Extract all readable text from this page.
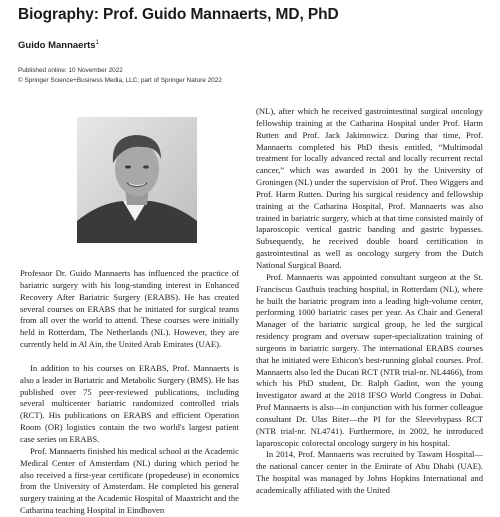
Biography: Prof. Guido Mannaerts, MD, PhD
Guido Mannaerts$^1$
Published online: 10 November 2022
© Springer Science+Business Media, LLC, part of Springer Nature 2022

Professor Dr. Guido Mannaerts has influenced the practice of bariatric surgery with his long-standing interest in Enhanced Recovery After Bariatric Surgery (ERABS). He has created several courses on ERABS that he initiated for surgical teams from all over the world to attend. These courses were initially held in Rotterdam, The Netherlands (NL). However, they are currently held in Al Ain, the United Arab Emirates (UAE).

In addition to his courses on ERABS, Prof. Mannaerts is also a leader in Bariatric and Metabolic Surgery (BMS). He has published over 75 peer-reviewed publications, including several multicenter bariatric randomized controlled trials (RCT). His publications on ERABS and efficient Operation Room (OR) logistics contain the two world's largest patient case series on ERABS.

Prof. Mannaerts finished his medical school at the Academic Medical Center of Amsterdam (NL) during which period he also received a first-year certificate (propedeuse) in economics from the University of Amsterdam. He completed his general surgery training at the Academic Hospital of Maastricht and the Catharina teaching Hospital in Eindhoven

(NL), after which he received gastrointestinal surgical oncology fellowship training at the Catharina Hospital under Prof. Harm Rutten and Prof. Jack Jakimowicz. During that time, Prof. Mannaerts completed his PhD thesis entitled, “Multimodal treatment for locally advanced rectal and locally recurrent rectal cancer,” which was awarded in 2001 by the University of Groningen (NL) under the supervision of Prof. Theo Wiggers and Prof. Harm Rutten. During his surgical residency and fellowship training at the Catharina Hospital, Prof. Mannaerts was also trained in bariatric surgery, which at that time consisted mainly of laparoscopic vertical gastric banding and gastric bypasses. Subsequently, he received double board certification in gastrointestinal as well as oncology surgery from the Dutch National Surgical Board.

Prof. Mannaerts was appointed consultant surgeon at the St. Franciscus Gasthuis teaching hospital, in Rotterdam (NL), where he built the bariatric program into a leading high-volume center, performing 1000 bariatric cases per year. As Chair and General Manager of the bariatric surgical group, he led the surgical residency program and oversaw super-specialization training of surgeons in bariatric surgery. The international ERABS courses that he initiated were Ethicon's best-running global courses. Prof. Mannaerts also led the Ducati RCT (NTR trial-nr. NL4466), from which his PhD student, Dr. Ralph Gadiot, won the young Investigator award at the 2018 IFSO World Congress in Dubai. Prof Mannaerts is also—in conjunction with his former colleague consultant Dr. Ulas Biter—the PI for the Sleevebypass RCT (NTR trial-nr. NL4741). Furthermore, in 2002, he introduced laparoscopic colorectal oncology surgery in his hospital.

In 2014, Prof. Mannaerts was recruited by Tawam Hospital—the national cancer center in the Emirate of Abu Dhabi (UAE). The hospital was managed by Johns Hopkins International and academically affiliated with the United
